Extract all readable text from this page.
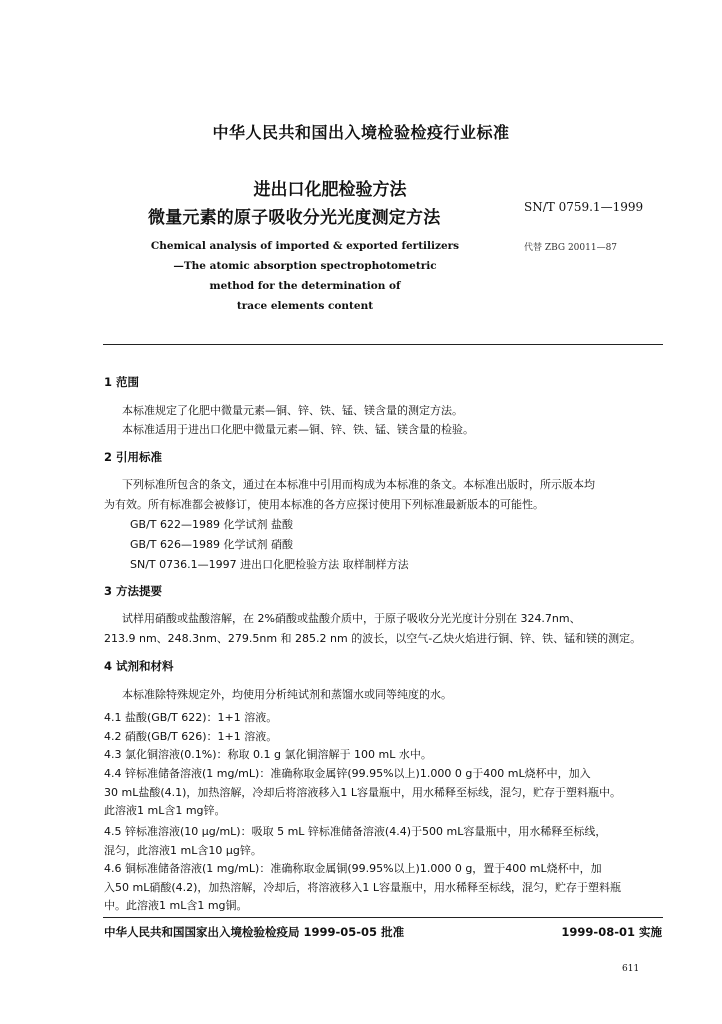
中华人民共和国出入境检验检疫行业标准
进出口化肥检验方法
微量元素的原子吸收分光光度测定方法
SN/T 0759.1—1999
代替 ZBG 20011—87
Chemical analysis of imported & exported fertilizers
—The atomic absorption spectrophotometric
method for the determination of
trace elements content
1 范围
本标准规定了化肥中微量元素—铜、锌、铁、锰、镁含量的测定方法。
本标准适用于进出口化肥中微量元素—铜、锌、铁、锰、镁含量的检验。
2 引用标准
下列标准所包含的条文，通过在本标准中引用而构成为本标准的条文。本标准出版时，所示版本均
为有效。所有标准都会被修订，使用本标准的各方应探讨使用下列标准最新版本的可能性。
GB/T 622—1989 化学试剂 盐酸
GB/T 626—1989 化学试剂 硝酸
SN/T 0736.1—1997 进出口化肥检验方法 取样制样方法
3 方法提要
试样用硝酸或盐酸溶解，在 2%硝酸或盐酸介质中，于原子吸收分光光度计分别在 324.7nm、
213.9 nm、248.3nm、279.5nm 和 285.2 nm 的波长，以空气-乙炔火焰进行铜、锌、铁、锰和镁的测定。
4 试剂和材料
本标准除特殊规定外，均使用分析纯试剂和蒸馏水或同等纯度的水。
4.1 盐酸(GB/T 622)：1+1 溶液。
4.2 硝酸(GB/T 626)：1+1 溶液。
4.3 氯化铜溶液(0.1%)：称取 0.1 g 氯化铜溶解于 100 mL 水中。
4.4 锌标准储备溶液(1 mg/mL)：准确称取金属锌(99.95%以上)1.000 0 g于400 mL烧杯中，加入
30 mL盐酸(4.1)，加热溶解，冷却后将溶液移入1 L容量瓶中，用水稀释至标线，混匀，贮存于塑料瓶中。
此溶液1 mL含1 mg锌。
4.5 锌标准溶液(10 μg/mL)：吸取 5 mL 锌标准储备溶液(4.4)于500 mL容量瓶中，用水稀释至标线，
混匀，此溶液1 mL含10 μg锌。
4.6 铜标准储备溶液(1 mg/mL)：准确称取金属铜(99.95%以上)1.000 0 g，置于400 mL烧杯中，加
入50 mL硝酸(4.2)，加热溶解，冷却后，将溶液移入1 L容量瓶中，用水稀释至标线，混匀，贮存于塑料瓶
中。此溶液1 mL含1 mg铜。
中华人民共和国国家出入境检验检疫局 1999-05-05 批准	1999-08-01 实施
611
